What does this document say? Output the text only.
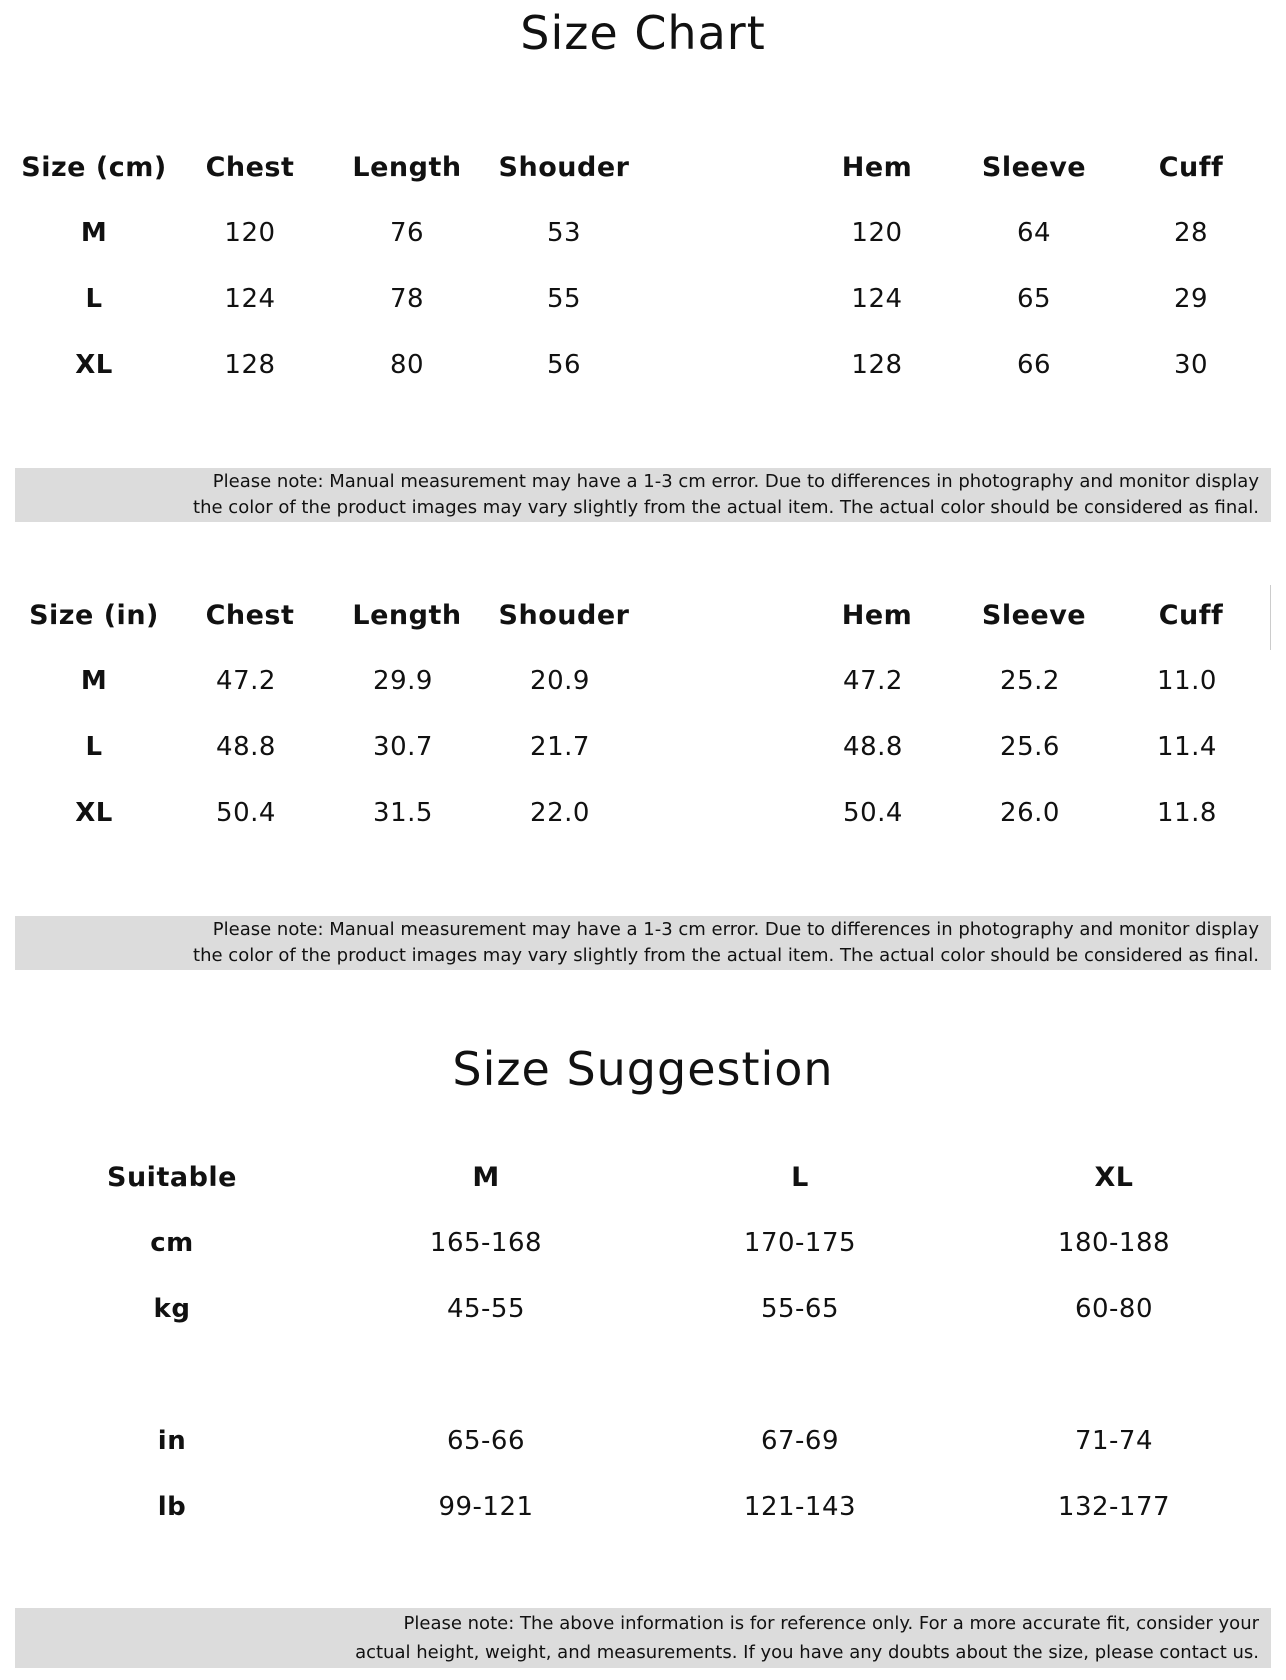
Size Chart
Size (cm)	Chest	Length	Shouder	Hem	Sleeve	Cuff
M	120	76	53	120	64	28
L	124	78	55	124	65	29
XL	128	80	56	128	66	30
Please note: Manual measurement may have a 1-3 cm error. Due to differences in photography and monitor display
the color of the product images may vary slightly from the actual item. The actual color should be considered as final.
Size (in)	Chest	Length	Shouder	Hem	Sleeve	Cuff
M	47.2	29.9	20.9	47.2	25.2	11.0
L	48.8	30.7	21.7	48.8	25.6	11.4
XL	50.4	31.5	22.0	50.4	26.0	11.8
Please note: Manual measurement may have a 1-3 cm error. Due to differences in photography and monitor display
the color of the product images may vary slightly from the actual item. The actual color should be considered as final.
Size Suggestion
Suitable	M	L	XL
cm	165-168	170-175	180-188
kg	45-55	55-65	60-80
in	65-66	67-69	71-74
lb	99-121	121-143	132-177
Please note: The above information is for reference only. For a more accurate fit, consider your
actual height, weight, and measurements. If you have any doubts about the size, please contact us.
